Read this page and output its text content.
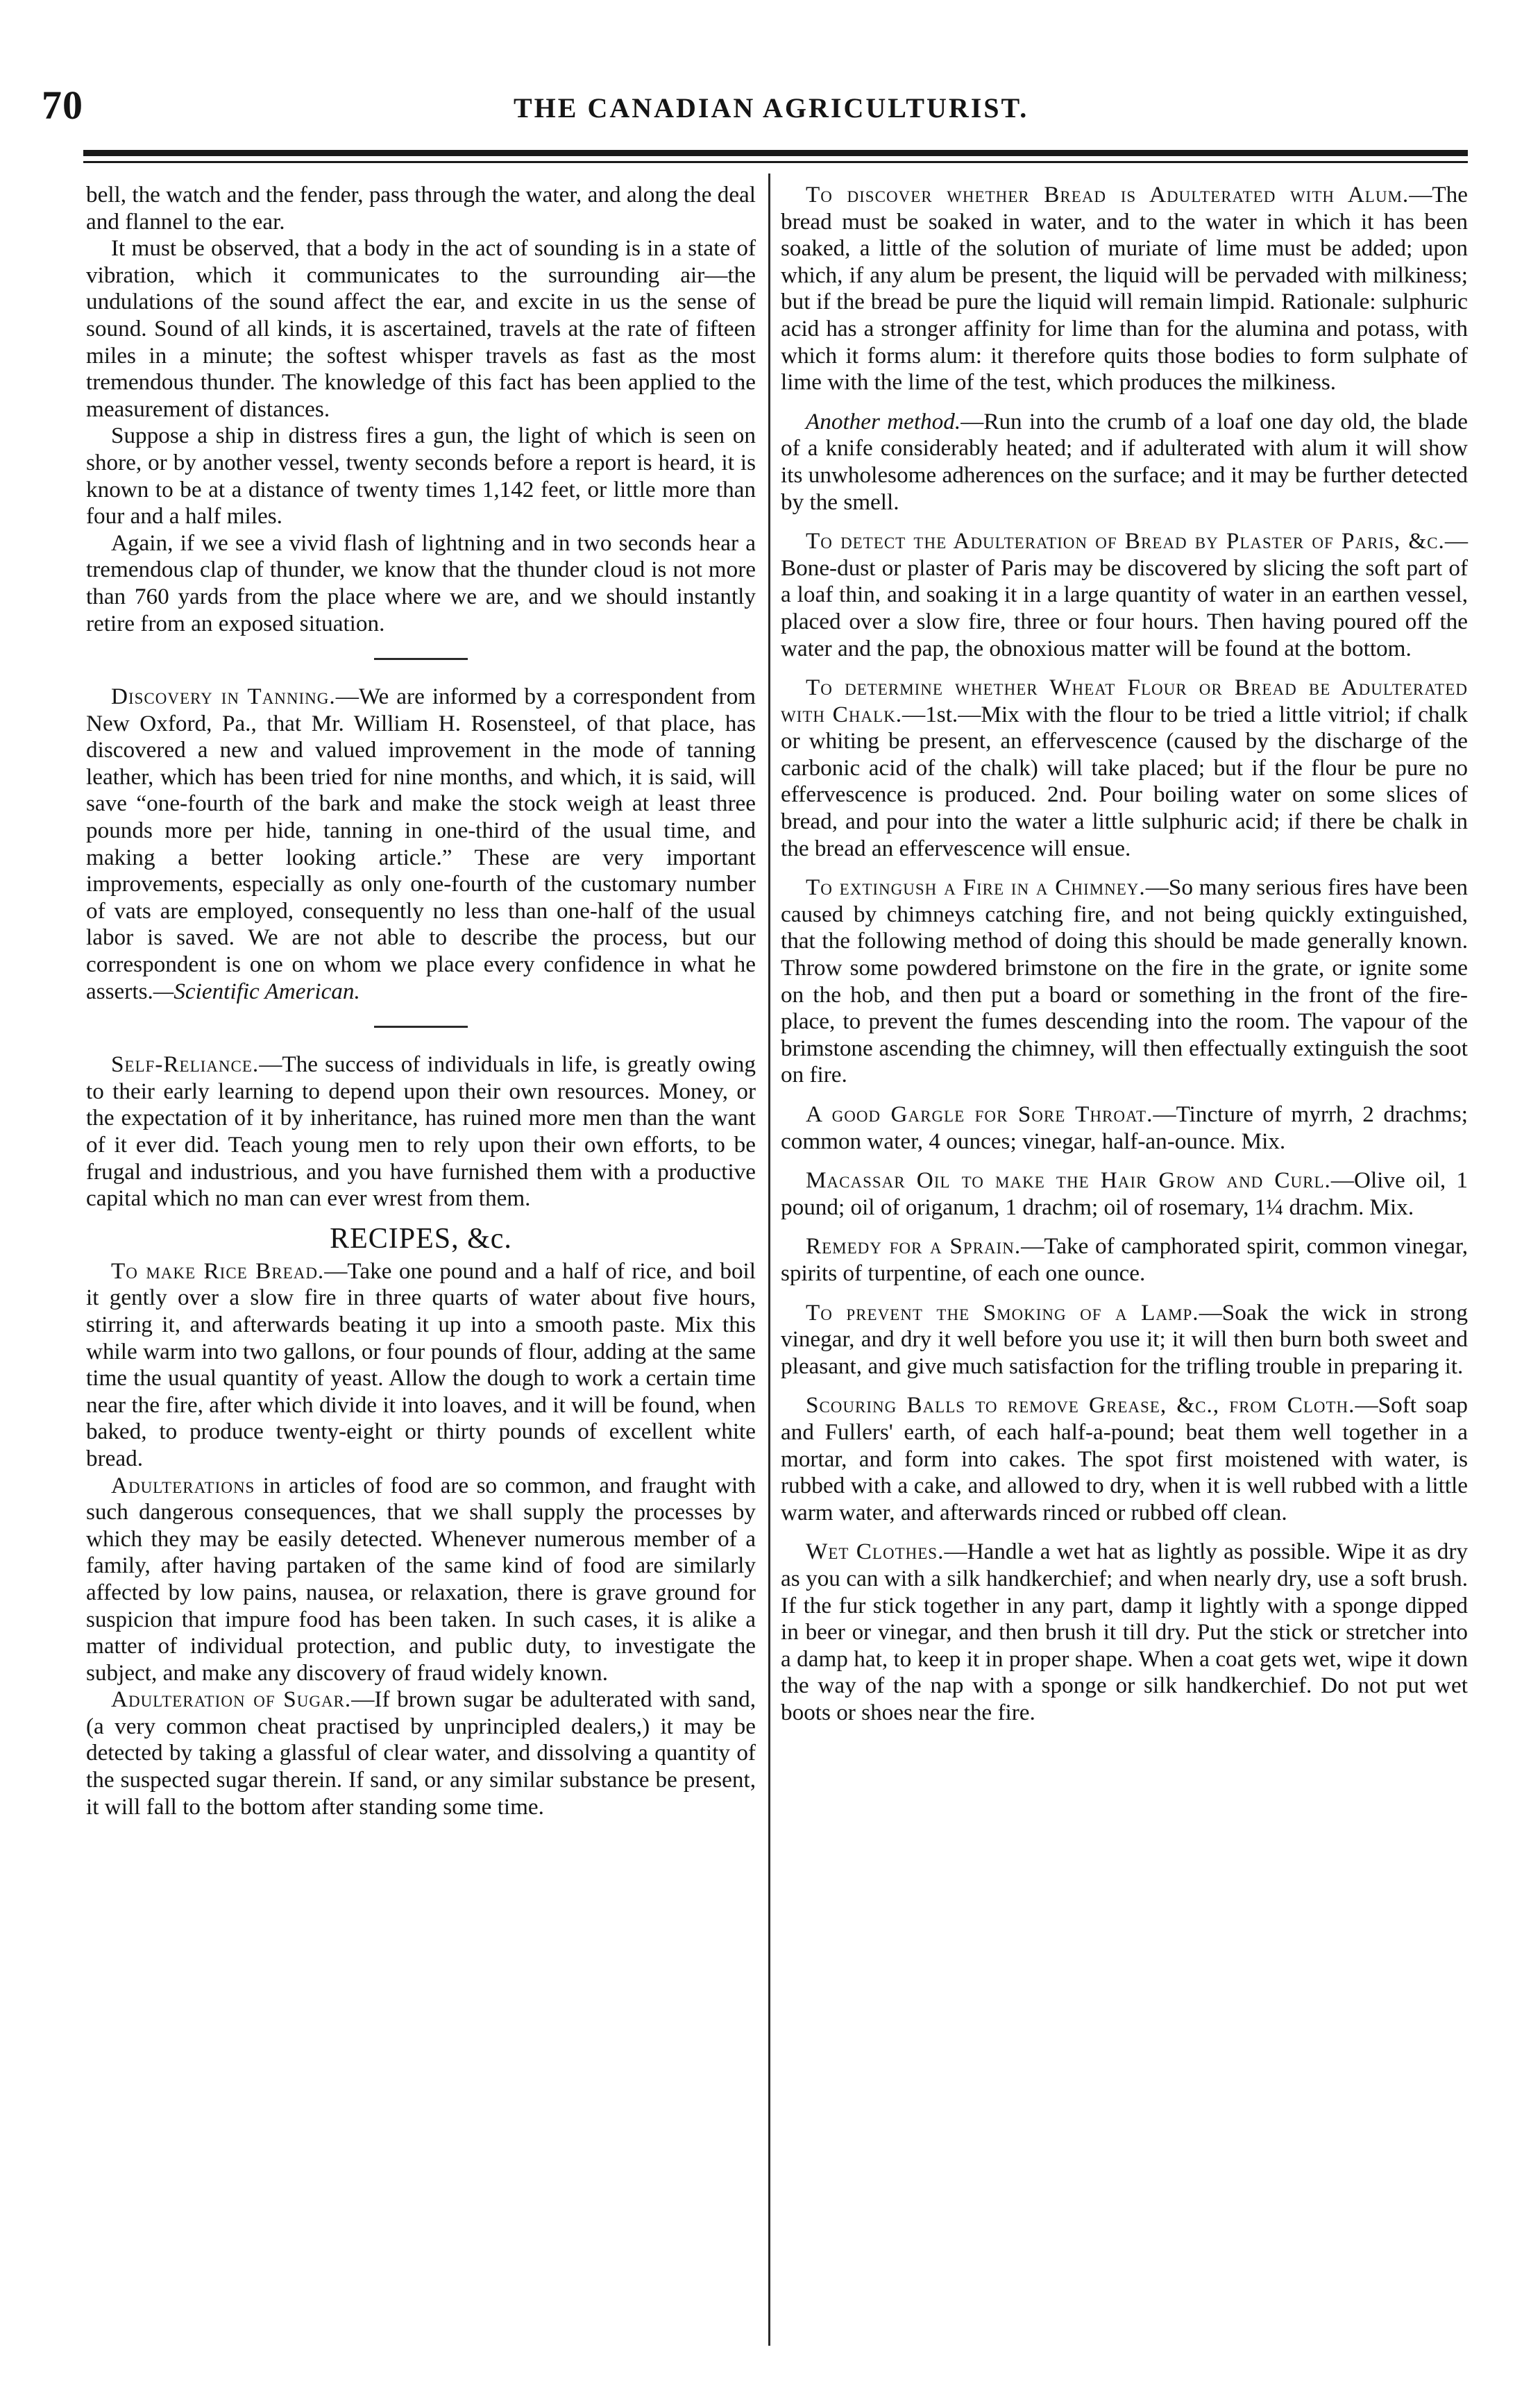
70	THE CANADIAN AGRICULTURIST.

bell, the watch and the fender, pass through the water, and along the deal and flannel to the ear.

It must be observed, that a body in the act of sounding is in a state of vibration, which it communicates to the surrounding air—the undulations of the sound affect the ear, and excite in us the sense of sound. Sound of all kinds, it is ascertained, travels at the rate of fifteen miles in a minute; the softest whisper travels as fast as the most tremendous thunder. The knowledge of this fact has been applied to the measurement of distances.

Suppose a ship in distress fires a gun, the light of which is seen on shore, or by another vessel, twenty seconds before a report is heard, it is known to be at a distance of twenty times 1,142 feet, or little more than four and a half miles.

Again, if we see a vivid flash of lightning and in two seconds hear a tremendous clap of thunder, we know that the thunder cloud is not more than 760 yards from the place where we are, and we should instantly retire from an exposed situation.

Discovery in Tanning.—We are informed by a correspondent from New Oxford, Pa., that Mr. William H. Rosensteel, of that place, has discovered a new and valued improvement in the mode of tanning leather, which has been tried for nine months, and which, it is said, will save “one-fourth of the bark and make the stock weigh at least three pounds more per hide, tanning in one-third of the usual time, and making a better looking article.” These are very important improvements, especially as only one-fourth of the customary number of vats are employed, consequently no less than one-half of the usual labor is saved. We are not able to describe the process, but our correspondent is one on whom we place every confidence in what he asserts.—Scientific American.

Self-Reliance.—The success of individuals in life, is greatly owing to their early learning to depend upon their own resources. Money, or the expectation of it by inheritance, has ruined more men than the want of it ever did. Teach young men to rely upon their own efforts, to be frugal and industrious, and you have furnished them with a productive capital which no man can ever wrest from them.

RECIPES, &c.

To make Rice Bread.—Take one pound and a half of rice, and boil it gently over a slow fire in three quarts of water about five hours, stirring it, and afterwards beating it up into a smooth paste. Mix this while warm into two gallons, or four pounds of flour, adding at the same time the usual quantity of yeast. Allow the dough to work a certain time near the fire, after which divide it into loaves, and it will be found, when baked, to produce twenty-eight or thirty pounds of excellent white bread.

Adulterations in articles of food are so common, and fraught with such dangerous consequences, that we shall supply the processes by which they may be easily detected. Whenever numerous member of a family, after having partaken of the same kind of food are similarly affected by low pains, nausea, or relaxation, there is grave ground for suspicion that impure food has been taken. In such cases, it is alike a matter of individual protection, and public duty, to investigate the subject, and make any discovery of fraud widely known.

Adulteration of Sugar.—If brown sugar be adulterated with sand, (a very common cheat practised by unprincipled dealers,) it may be detected by taking a glassful of clear water, and dissolving a quantity of the suspected sugar therein. If sand, or any similar substance be present, it will fall to the bottom after standing some time.

To discover whether Bread is Adulterated with Alum.—The bread must be soaked in water, and to the water in which it has been soaked, a little of the solution of muriate of lime must be added; upon which, if any alum be present, the liquid will be pervaded with milkiness; but if the bread be pure the liquid will remain limpid. Rationale: sulphuric acid has a stronger affinity for lime than for the alumina and potass, with which it forms alum: it therefore quits those bodies to form sulphate of lime with the lime of the test, which produces the milkiness.

Another method.—Run into the crumb of a loaf one day old, the blade of a knife considerably heated; and if adulterated with alum it will show its unwholesome adherences on the surface; and it may be further detected by the smell.

To detect the Adulteration of Bread by Plaster of Paris, &c.—Bone-dust or plaster of Paris may be discovered by slicing the soft part of a loaf thin, and soaking it in a large quantity of water in an earthen vessel, placed over a slow fire, three or four hours. Then having poured off the water and the pap, the obnoxious matter will be found at the bottom.

To determine whether Wheat Flour or Bread be Adulterated with Chalk.—1st.—Mix with the flour to be tried a little vitriol; if chalk or whiting be present, an effervescence (caused by the discharge of the carbonic acid of the chalk) will take placed; but if the flour be pure no effervescence is produced. 2nd. Pour boiling water on some slices of bread, and pour into the water a little sulphuric acid; if there be chalk in the bread an effervescence will ensue.

To extingush a Fire in a Chimney.—So many serious fires have been caused by chimneys catching fire, and not being quickly extinguished, that the following method of doing this should be made generally known. Throw some powdered brimstone on the fire in the grate, or ignite some on the hob, and then put a board or something in the front of the fire-place, to prevent the fumes descending into the room. The vapour of the brimstone ascending the chimney, will then effectually extinguish the soot on fire.

A good Gargle for Sore Throat.—Tincture of myrrh, 2 drachms; common water, 4 ounces; vinegar, half-an-ounce. Mix.

Macassar Oil to make the Hair Grow and Curl.—Olive oil, 1 pound; oil of origanum, 1 drachm; oil of rosemary, 1¼ drachm. Mix.

Remedy for a Sprain.—Take of camphorated spirit, common vinegar, spirits of turpentine, of each one ounce.

To prevent the Smoking of a Lamp.—Soak the wick in strong vinegar, and dry it well before you use it; it will then burn both sweet and pleasant, and give much satisfaction for the trifling trouble in preparing it.

Scouring Balls to remove Grease, &c., from Cloth.—Soft soap and Fullers' earth, of each half-a-pound; beat them well together in a mortar, and form into cakes. The spot first moistened with water, is rubbed with a cake, and allowed to dry, when it is well rubbed with a little warm water, and afterwards rinced or rubbed off clean.

Wet Clothes.—Handle a wet hat as lightly as possible. Wipe it as dry as you can with a silk handkerchief; and when nearly dry, use a soft brush. If the fur stick together in any part, damp it lightly with a sponge dipped in beer or vinegar, and then brush it till dry. Put the stick or stretcher into a damp hat, to keep it in proper shape. When a coat gets wet, wipe it down the way of the nap with a sponge or silk handkerchief. Do not put wet boots or shoes near the fire.
